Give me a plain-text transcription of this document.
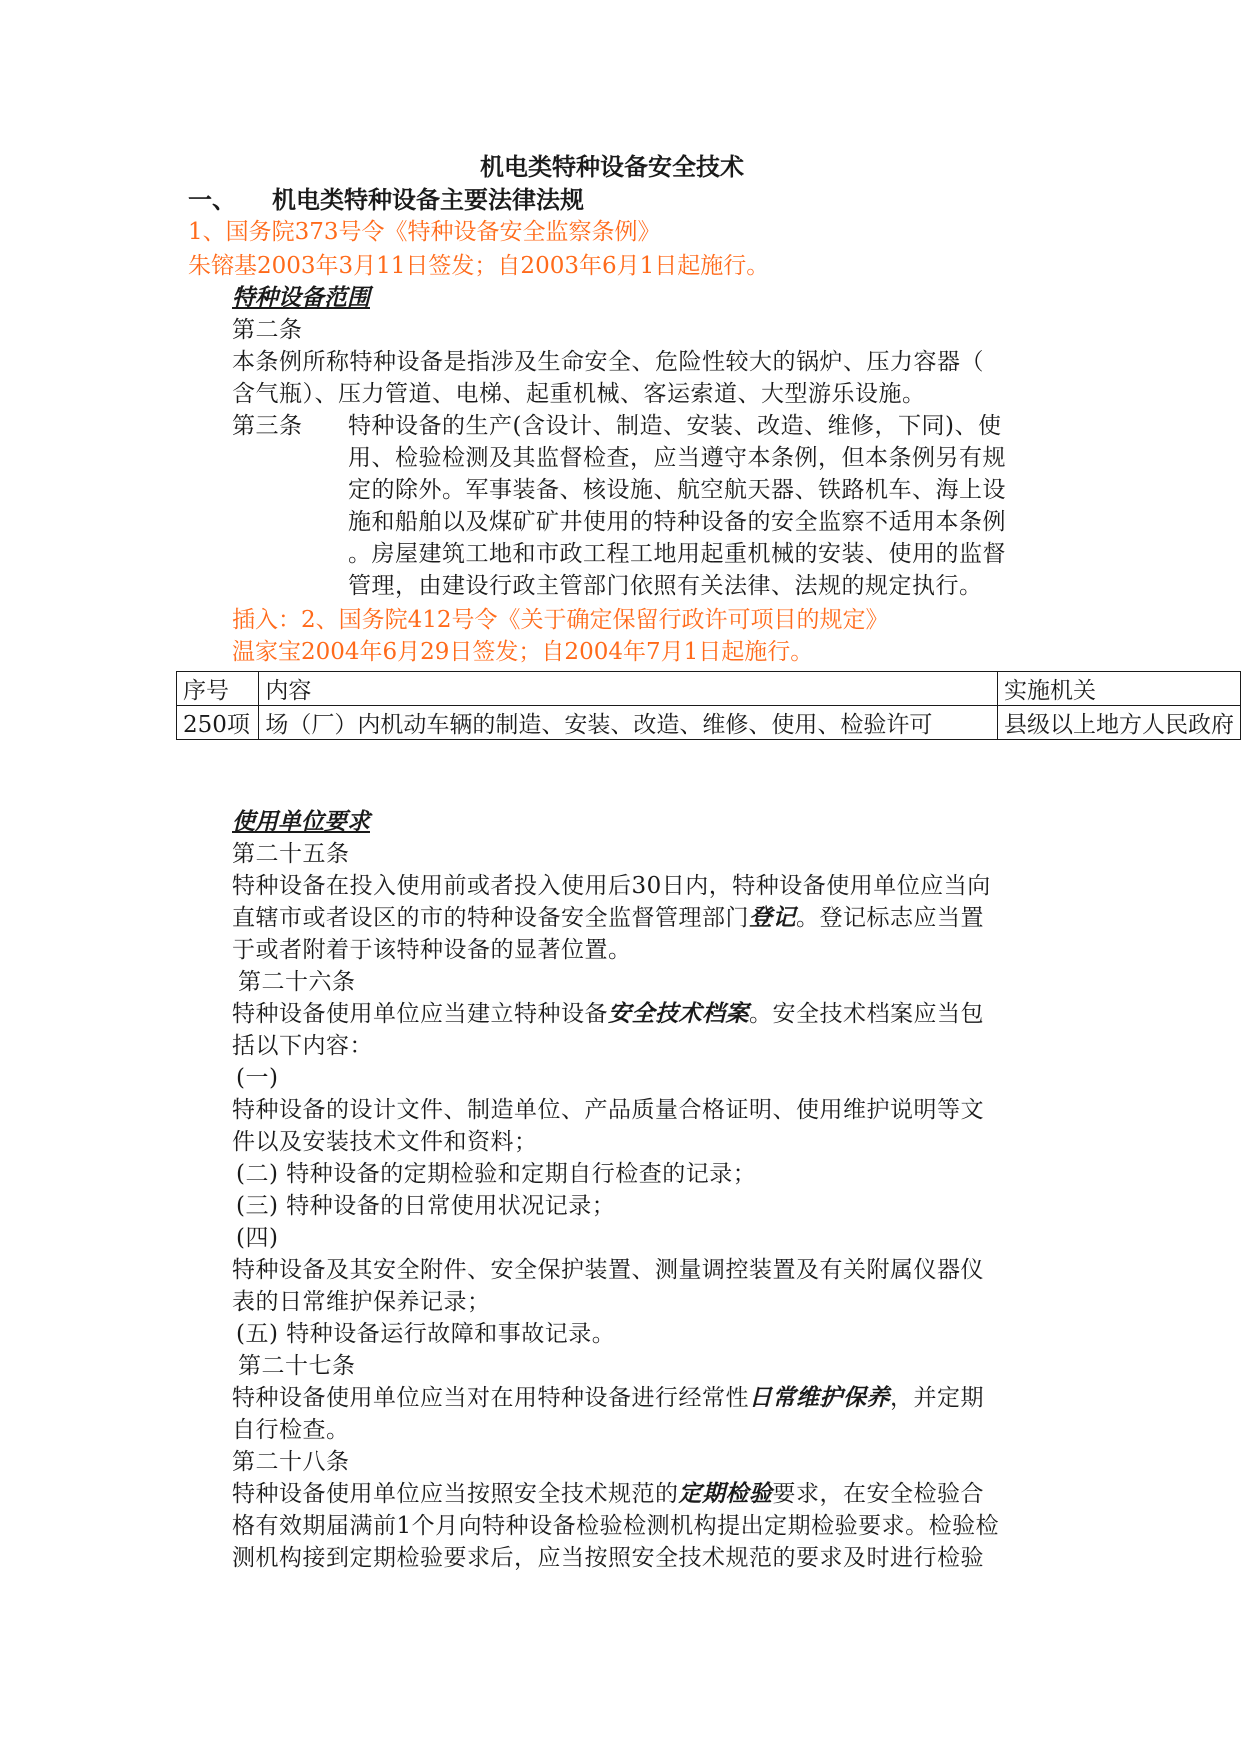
机电类特种设备安全技术
一、 机电类特种设备主要法律法规
1、国务院373号令《特种设备安全监察条例》
朱镕基2003年3月11日签发；自2003年6月1日起施行。
特种设备范围
第二条
本条例所称特种设备是指涉及生命安全、危险性较大的锅炉、压力容器（
含气瓶）、压力管道、电梯、起重机械、客运索道、大型游乐设施。
第三条 特种设备的生产(含设计、制造、安装、改造、维修，下同)、使
用、检验检测及其监督检查，应当遵守本条例，但本条例另有规
定的除外。军事装备、核设施、航空航天器、铁路机车、海上设
施和船舶以及煤矿矿井使用的特种设备的安全监察不适用本条例
。房屋建筑工地和市政工程工地用起重机械的安装、使用的监督
管理，由建设行政主管部门依照有关法律、法规的规定执行。
插入：2、国务院412号令《关于确定保留行政许可项目的规定》
温家宝2004年6月29日签发；自2004年7月1日起施行。
序号	内容	实施机关
250项	场（厂）内机动车辆的制造、安装、改造、维修、使用、检验许可	县级以上地方人民政府
使用单位要求
第二十五条
特种设备在投入使用前或者投入使用后30日内，特种设备使用单位应当向
直辖市或者设区的市的特种设备安全监督管理部门登记。登记标志应当置
于或者附着于该特种设备的显著位置。
第二十六条
特种设备使用单位应当建立特种设备安全技术档案。安全技术档案应当包
括以下内容：
(一)
特种设备的设计文件、制造单位、产品质量合格证明、使用维护说明等文
件以及安装技术文件和资料；
(二) 特种设备的定期检验和定期自行检查的记录；
(三) 特种设备的日常使用状况记录；
(四)
特种设备及其安全附件、安全保护装置、测量调控装置及有关附属仪器仪
表的日常维护保养记录；
(五) 特种设备运行故障和事故记录。
第二十七条
特种设备使用单位应当对在用特种设备进行经常性日常维护保养，并定期
自行检查。
第二十八条
特种设备使用单位应当按照安全技术规范的定期检验要求，在安全检验合
格有效期届满前1个月向特种设备检验检测机构提出定期检验要求。检验检
测机构接到定期检验要求后，应当按照安全技术规范的要求及时进行检验
